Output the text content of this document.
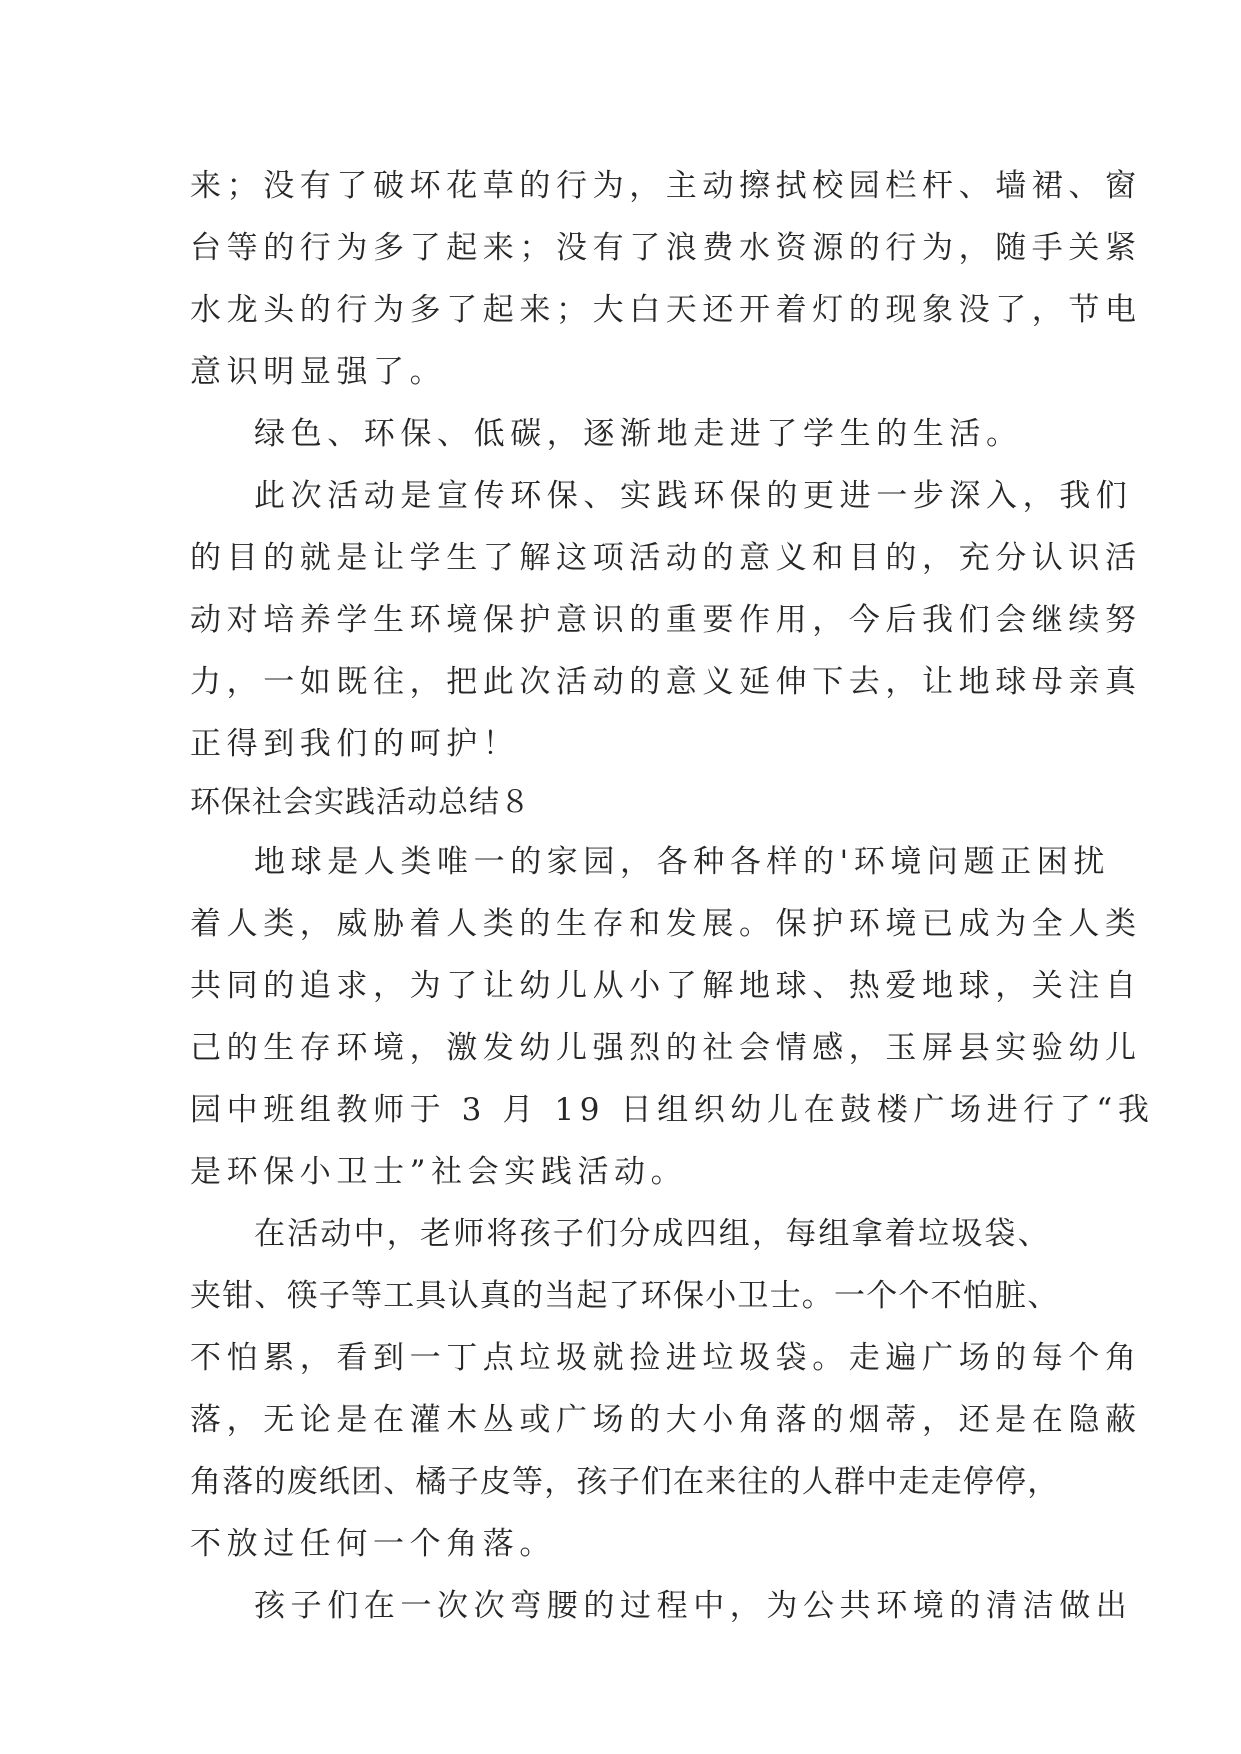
来；没有了破坏花草的行为，主动擦拭校园栏杆、墙裙、窗
台等的行为多了起来；没有了浪费水资源的行为，随手关紧
水龙头的行为多了起来；大白天还开着灯的现象没了，节电
意识明显强了。
绿色、环保、低碳，逐渐地走进了学生的生活。
此次活动是宣传环保、实践环保的更进一步深入，我们
的目的就是让学生了解这项活动的意义和目的，充分认识活
动对培养学生环境保护意识的重要作用，今后我们会继续努
力，一如既往，把此次活动的意义延伸下去，让地球母亲真
正得到我们的呵护！
环保社会实践活动总结８
地球是人类唯一的家园，各种各样的'环境问题正困扰
着人类，威胁着人类的生存和发展。保护环境已成为全人类
共同的追求，为了让幼儿从小了解地球、热爱地球，关注自
己的生存环境，激发幼儿强烈的社会情感，玉屏县实验幼儿
园中班组教师于 3 月 19 日组织幼儿在鼓楼广场进行了“我
是环保小卫士”社会实践活动。
在活动中，老师将孩子们分成四组，每组拿着垃圾袋、
夹钳、筷子等工具认真的当起了环保小卫士。一个个不怕脏、
不怕累，看到一丁点垃圾就捡进垃圾袋。走遍广场的每个角
落，无论是在灌木丛或广场的大小角落的烟蒂，还是在隐蔽
角落的废纸团、橘子皮等，孩子们在来往的人群中走走停停，
不放过任何一个角落。
孩子们在一次次弯腰的过程中，为公共环境的清洁做出
